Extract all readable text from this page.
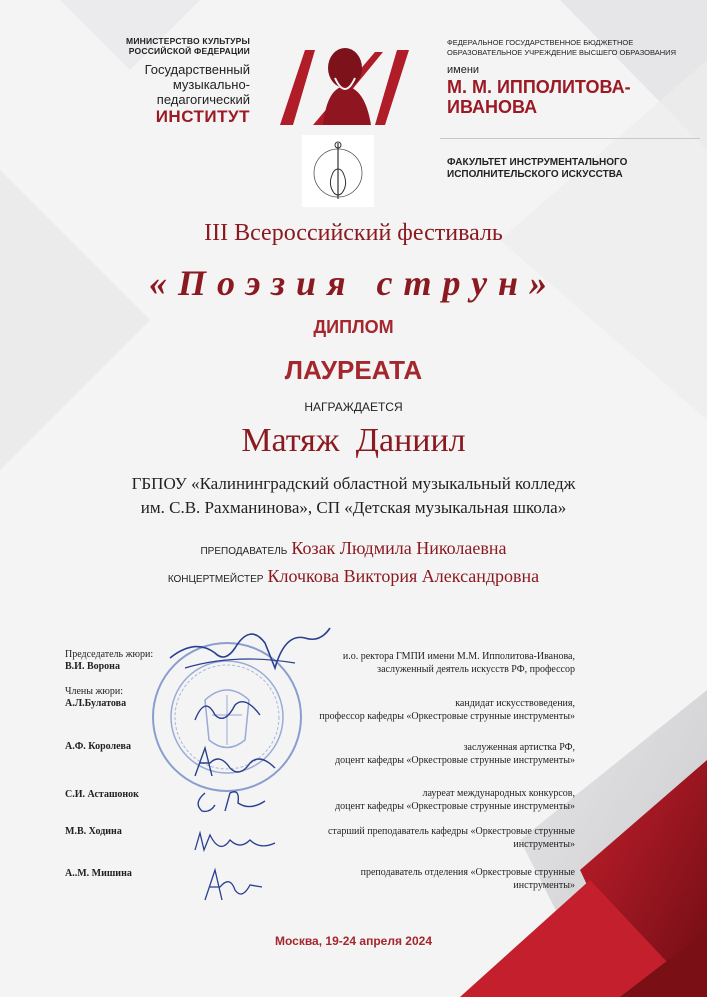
МИНИСТЕРСТВО КУЛЬТУРЫ
РОССИЙСКОЙ ФЕДЕРАЦИИ
Государственный
музыкально-педагогический
ИНСТИТУТ
ФЕДЕРАЛЬНОЕ ГОСУДАРСТВЕННОЕ БЮДЖЕТНОЕ
ОБРАЗОВАТЕЛЬНОЕ УЧРЕЖДЕНИЕ ВЫСШЕГО ОБРАЗОВАНИЯ
имени
М. М. ИППОЛИТОВА-
ИВАНОВА
ФАКУЛЬТЕТ ИНСТРУМЕНТАЛЬНОГО
ИСПОЛНИТЕЛЬСКОГО ИСКУССТВА
III Всероссийский фестиваль
«Поэзия струн»
ДИПЛОМ
ЛАУРЕАТА
НАГРАЖДАЕТСЯ
Матяж Даниил
ГБПОУ «Калининградский областной музыкальный колледж
им. С.В. Рахманинова», СП «Детская музыкальная школа»
ПРЕПОДАВАТЕЛЬ Козак Людмила Николаевна
КОНЦЕРТМЕЙСТЕР Клочкова Виктория Александровна
Председатель жюри:
В.И. Ворона
Члены жюри:
А.Л.Булатова
А.Ф. Королева
С.И. Асташонок
М.В. Ходина
А..М. Мишина
и.о. ректора ГМПИ имени М.М. Ипполитова-Иванова,
заслуженный деятель искусств РФ, профессор
кандидат искусствоведения,
профессор кафедры «Оркестровые струнные инструменты»
заслуженная артистка РФ,
доцент кафедры «Оркестровые струнные инструменты»
лауреат международных конкурсов,
доцент кафедры «Оркестровые струнные инструменты»
старший преподаватель кафедры «Оркестровые струнные
инструменты»
преподаватель отделения «Оркестровые струнные
инструменты»
Москва, 19-24 апреля 2024
